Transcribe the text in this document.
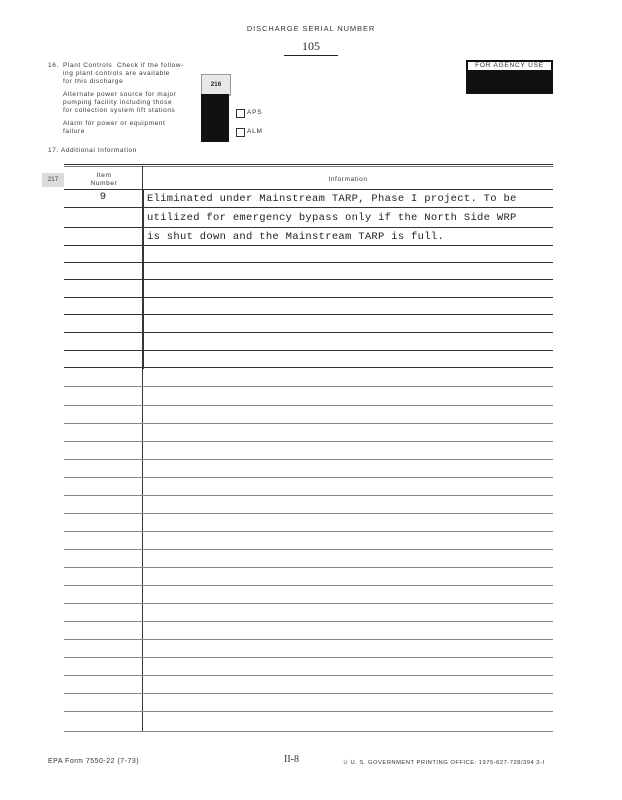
DISCHARGE SERIAL NUMBER
105
FOR AGENCY USE
16. Plant Controls Check if the follow-
ing plant controls are available
for this discharge
Alternate power source for major
pumping facility including those
for collection system lift stations
Alarm for power or equipment
failure
216
APS
ALM
17. Additional Information
217
Item
Number
Information
9	Eliminated under Mainstream TARP, Phase I project. To be
utilized for emergency bypass only if the North Side WRP
is shut down and the Mainstream TARP is full.
EPA Form 7550-22 (7-73)	II-8	✩ U. S. GOVERNMENT PRINTING OFFICE: 1975-627-728/394 3-I
